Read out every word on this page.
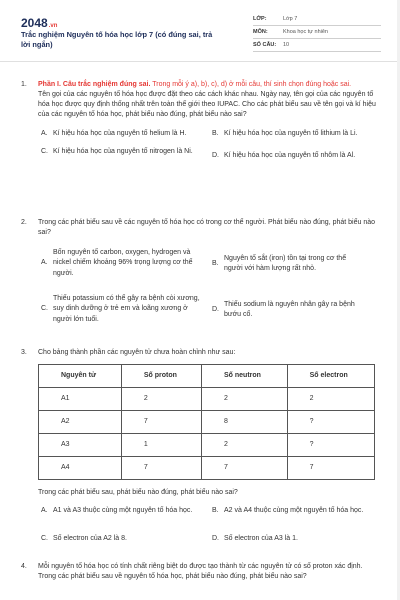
2048.vn
Trắc nghiệm Nguyên tố hóa học lớp 7 (có đúng sai, trả lời ngắn)
LỚP:	Lớp 7
MÔN:	Khoa học tự nhiên
SỐ CÂU:	10
1. Phần I. Câu trắc nghiệm đúng sai. Trong mỗi ý a), b), c), d) ở mỗi câu, thí sinh chọn đúng hoặc sai.
Tên gọi của các nguyên tố hóa học được đặt theo các cách khác nhau. Ngày nay, tên gọi của các nguyên tố hóa học được quy định thống nhất trên toàn thế giới theo IUPAC. Cho các phát biểu sau về tên gọi và kí hiệu của các nguyên tố hóa học, phát biểu nào đúng, phát biểu nào sai?
A. Kí hiệu hóa học của nguyên tố helium là H.	B. Kí hiệu hóa học của nguyên tố lithium là Li.
C. Kí hiệu hóa học của nguyên tố nitrogen là Ni.
D. Kí hiệu hóa học của nguyên tố nhôm là Al.
2. Trong các phát biểu sau về các nguyên tố hóa học có trong cơ thể người. Phát biểu nào đúng, phát biểu nào sai?
A.
Bốn nguyên tố carbon, oxygen, hydrogen và nickel chiếm khoảng 96% trọng lượng cơ thể người.
B.
Nguyên tố sắt (iron) tồn tại trong cơ thể người với hàm lượng rất nhỏ.
C.
Thiếu potassium có thể gây ra bệnh còi xương, suy dinh dưỡng ở trẻ em và loãng xương ở người lớn tuổi.
D.
Thiếu sodium là nguyên nhân gây ra bệnh bướu cổ.
3. Cho bảng thành phần các nguyên tử chưa hoàn chỉnh như sau:
Nguyên tử	Số proton	Số neutron	Số electron
A1	2	2	2
A2	7	8	?
A3	1	2	?
A4	7	7	7
Trong các phát biểu sau, phát biểu nào đúng, phát biểu nào sai?
A. A1 và A3 thuộc cùng một nguyên tố hóa học.	B. A2 và A4 thuộc cùng một nguyên tố hóa học.
C. Số electron của A2 là 8.	D. Số electron của A3 là 1.
4. Mỗi nguyên tố hóa học có tính chất riêng biệt do được tạo thành từ các nguyên tử có số proton xác định. Trong các phát biểu sau về nguyên tố hóa học, phát biểu nào đúng, phát biểu nào sai?
